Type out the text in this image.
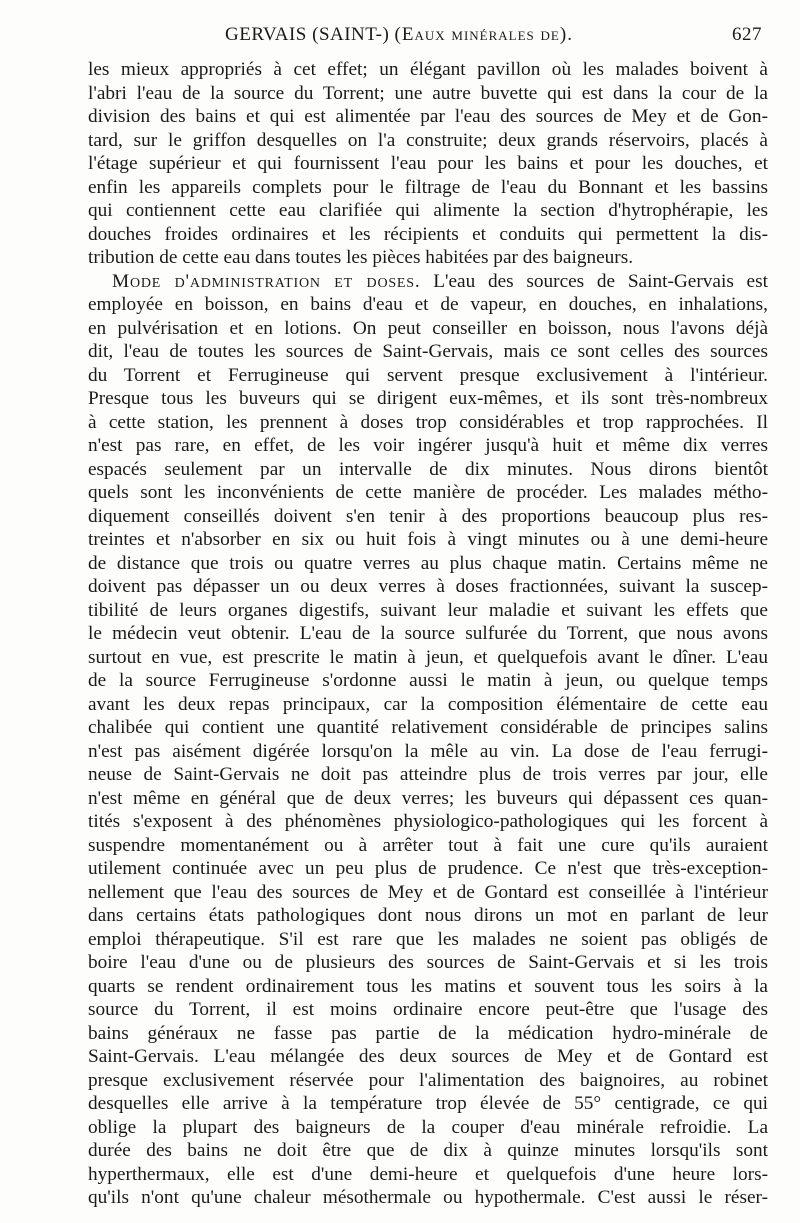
GERVAIS (SAINT-) (Eaux minérales de).	627
les mieux appropriés à cet effet; un élégant pavillon où les malades boivent à
l'abri l'eau de la source du Torrent; une autre buvette qui est dans la cour de la
division des bains et qui est alimentée par l'eau des sources de Mey et de Gon-
tard, sur le griffon desquelles on l'a construite; deux grands réservoirs, placés à
l'étage supérieur et qui fournissent l'eau pour les bains et pour les douches, et
enfin les appareils complets pour le filtrage de l'eau du Bonnant et les bassins
qui contiennent cette eau clarifiée qui alimente la section d'hytrophérapie, les
douches froides ordinaires et les récipients et conduits qui permettent la dis-
tribution de cette eau dans toutes les pièces habitées par des baigneurs.
Mode d'administration et doses. L'eau des sources de Saint-Gervais est
employée en boisson, en bains d'eau et de vapeur, en douches, en inhalations,
en pulvérisation et en lotions. On peut conseiller en boisson, nous l'avons déjà
dit, l'eau de toutes les sources de Saint-Gervais, mais ce sont celles des sources
du Torrent et Ferrugineuse qui servent presque exclusivement à l'intérieur.
Presque tous les buveurs qui se dirigent eux-mêmes, et ils sont très-nombreux
à cette station, les prennent à doses trop considérables et trop rapprochées. Il
n'est pas rare, en effet, de les voir ingérer jusqu'à huit et même dix verres
espacés seulement par un intervalle de dix minutes. Nous dirons bientôt
quels sont les inconvénients de cette manière de procéder. Les malades métho-
diquement conseillés doivent s'en tenir à des proportions beaucoup plus res-
treintes et n'absorber en six ou huit fois à vingt minutes ou à une demi-heure
de distance que trois ou quatre verres au plus chaque matin. Certains même ne
doivent pas dépasser un ou deux verres à doses fractionnées, suivant la suscep-
tibilité de leurs organes digestifs, suivant leur maladie et suivant les effets que
le médecin veut obtenir. L'eau de la source sulfurée du Torrent, que nous avons
surtout en vue, est prescrite le matin à jeun, et quelquefois avant le dîner. L'eau
de la source Ferrugineuse s'ordonne aussi le matin à jeun, ou quelque temps
avant les deux repas principaux, car la composition élémentaire de cette eau
chalibée qui contient une quantité relativement considérable de principes salins
n'est pas aisément digérée lorsqu'on la mêle au vin. La dose de l'eau ferrugi-
neuse de Saint-Gervais ne doit pas atteindre plus de trois verres par jour, elle
n'est même en général que de deux verres; les buveurs qui dépassent ces quan-
tités s'exposent à des phénomènes physiologico-pathologiques qui les forcent à
suspendre momentanément ou à arrêter tout à fait une cure qu'ils auraient
utilement continuée avec un peu plus de prudence. Ce n'est que très-exception-
nellement que l'eau des sources de Mey et de Gontard est conseillée à l'intérieur
dans certains états pathologiques dont nous dirons un mot en parlant de leur
emploi thérapeutique. S'il est rare que les malades ne soient pas obligés de
boire l'eau d'une ou de plusieurs des sources de Saint-Gervais et si les trois
quarts se rendent ordinairement tous les matins et souvent tous les soirs à la
source du Torrent, il est moins ordinaire encore peut-être que l'usage des
bains généraux ne fasse pas partie de la médication hydro-minérale de
Saint-Gervais. L'eau mélangée des deux sources de Mey et de Gontard est
presque exclusivement réservée pour l'alimentation des baignoires, au robinet
desquelles elle arrive à la température trop élevée de 55° centigrade, ce qui
oblige la plupart des baigneurs de la couper d'eau minérale refroidie. La
durée des bains ne doit être que de dix à quinze minutes lorsqu'ils sont
hyperthermaux, elle est d'une demi-heure et quelquefois d'une heure lors-
qu'ils n'ont qu'une chaleur mésothermale ou hypothermale. C'est aussi le réser-
